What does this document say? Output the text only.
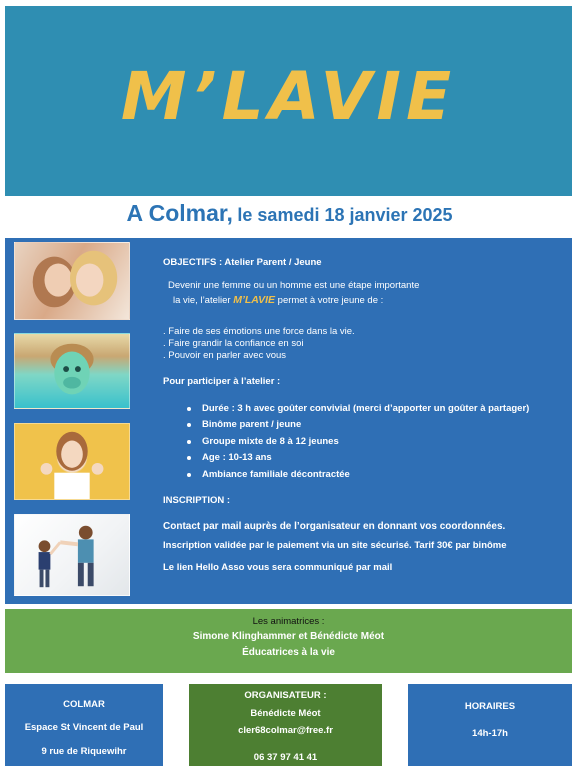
M’LAVIE
A Colmar, le samedi 18 janvier 2025
OBJECTIFS : Atelier Parent / Jeune
Devenir une femme ou un homme est une étape importante
la vie, l’atelier M’LAVIE permet à votre jeune de :
. Faire de ses émotions une force dans la vie.
. Faire grandir la confiance en soi
. Pouvoir en parler avec vous
Pour participer à l’atelier :
Durée : 3 h avec goûter convivial (merci d’apporter un goûter à partager)
Binôme parent / jeune
Groupe mixte de 8 à 12 jeunes
Age : 10-13 ans
Ambiance familiale décontractée
INSCRIPTION :
Contact par mail auprès de l’organisateur en donnant vos coordonnées.
Inscription validée par le paiement via un site sécurisé. Tarif 30€ par binôme
Le lien Hello Asso vous sera communiqué par mail
Les animatrices :
Simone Klinghammer et Bénédicte Méot
Éducatrices à la vie
COLMAR
Espace St Vincent de Paul
9 rue de Riquewihr
ORGANISATEUR :
Bénédicte Méot
cler68colmar@free.fr
06 37 97 41 41
HORAIRES
14h-17h
